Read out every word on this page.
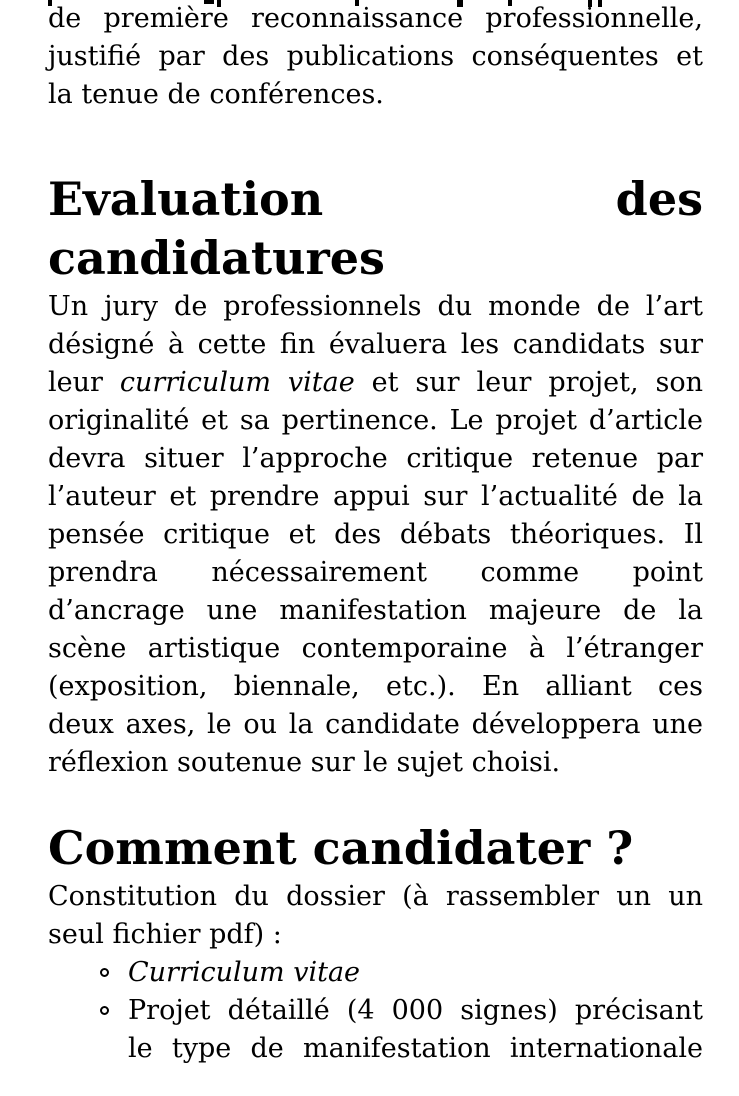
de première reconnaissance professionnelle,
justifié par des publications conséquentes et
la tenue de conférences.
Evaluation des
candidatures
Un jury de professionnels du monde de l’art
désigné à cette fin évaluera les candidats sur
leur curriculum vitae et sur leur projet, son
originalité et sa pertinence. Le projet d’article
devra situer l’approche critique retenue par
l’auteur et prendre appui sur l’actualité de la
pensée critique et des débats théoriques. Il
prendra nécessairement comme point
d’ancrage une manifestation majeure de la
scène artistique contemporaine à l’étranger
(exposition, biennale, etc.). En alliant ces
deux axes, le ou la candidate développera une
réflexion soutenue sur le sujet choisi.
Comment candidater ?
Constitution du dossier (à rassembler un un
seul fichier pdf) :
Curriculum vitae
Projet détaillé (4 000 signes) précisant
le type de manifestation internationale
